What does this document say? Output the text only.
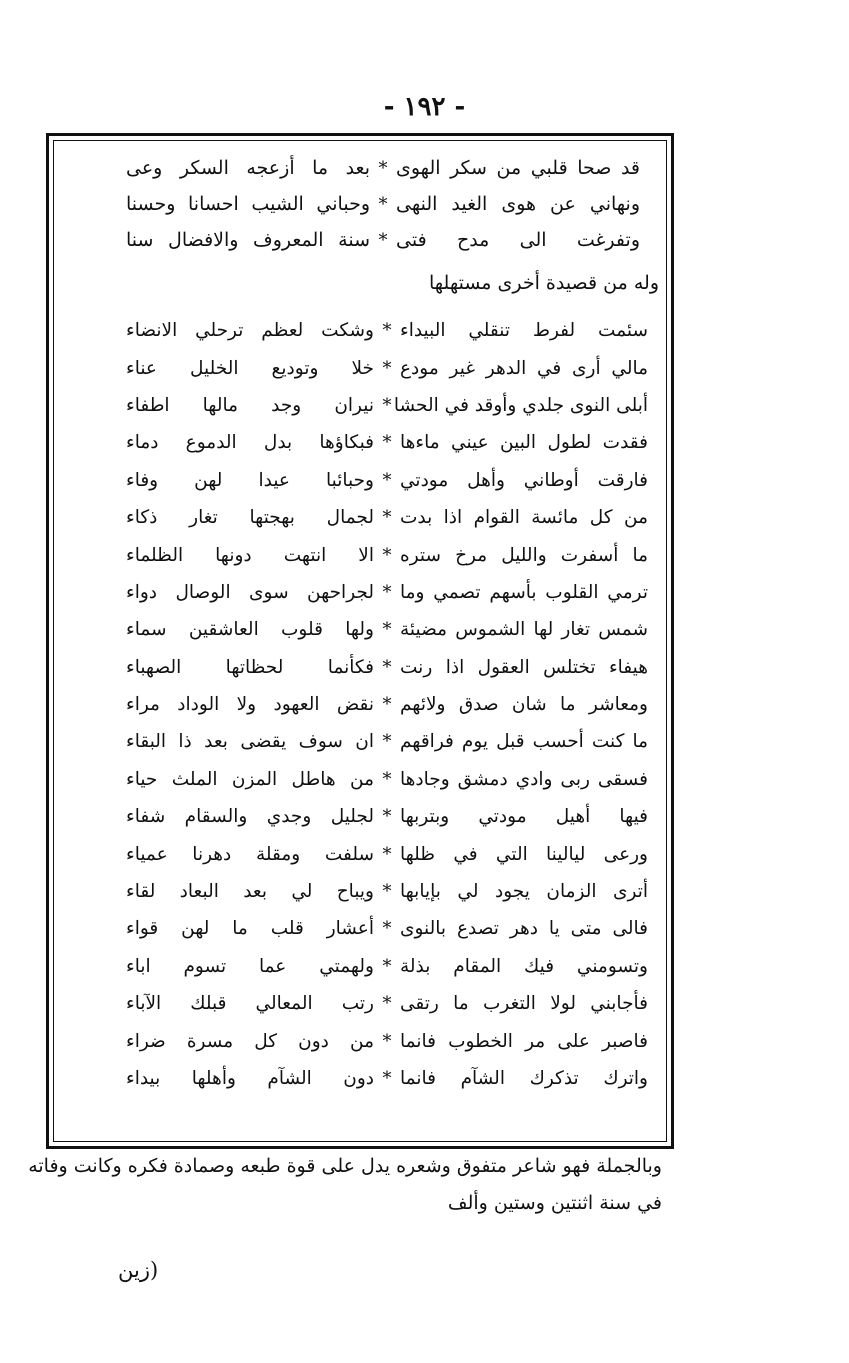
- ١٩٢ -
قد صحا قلبي من سكر الهوى
*
بعد ما أزعجه السكر وعى
ونهاني عن هوى الغيد النهى
*
وحباني الشيب احسانا وحسنا
وتفرغت الى مدح فتى
*
سنة المعروف والافضال سنا
وله من قصيدة أخرى مستهلها
سئمت لفرط تنقلي البيداء
*
وشكت لعظم ترحلي الانضاء
مالي أرى في الدهر غير مودع
*
خلا وتوديع الخليل عناء
أبلى النوى جلدي وأوقد في الحشا
*
نيران وجد مالها اطفاء
فقدت لطول البين عيني ماءها
*
فبكاؤها بدل الدموع دماء
فارقت أوطاني وأهل مودتي
*
وحبائبا عيدا لهن وفاء
من كل مائسة القوام اذا بدت
*
لجمال بهجتها تغار ذكاء
ما أسفرت والليل مرخ ستره
*
الا انتهت دونها الظلماء
ترمي القلوب بأسهم تصمي وما
*
لجراحهن سوى الوصال دواء
شمس تغار لها الشموس مضيئة
*
ولها قلوب العاشقين سماء
هيفاء تختلس العقول اذا رنت
*
فكأنما لحظاتها الصهباء
ومعاشر ما شان صدق ولائهم
*
نقض العهود ولا الوداد مراء
ما كنت أحسب قبل يوم فراقهم
*
ان سوف يقضى بعد ذا البقاء
فسقى ربى وادي دمشق وجادها
*
من هاطل المزن الملث حياء
فيها أهيل مودتي وبتربها
*
لجليل وجدي والسقام شفاء
ورعى ليالينا التي في ظلها
*
سلفت ومقلة دهرنا عمياء
أترى الزمان يجود لي بإيابها
*
ويباح لي بعد البعاد لقاء
فالى متى يا دهر تصدع بالنوى
*
أعشار قلب ما لهن قواء
وتسومني فيك المقام بذلة
*
ولهمتي عما تسوم اباء
فأجابني لولا التغرب ما رتقى
*
رتب المعالي قبلك الآباء
فاصبر على مر الخطوب فانما
*
من دون كل مسرة ضراء
واترك تذكرك الشآم فانما
*
دون الشآم وأهلها بيداء
وبالجملة فهو شاعر متفوق وشعره يدل على قوة طبعه وصمادة فكره وكانت وفاته
في سنة اثنتين وستين وألف
(زين
